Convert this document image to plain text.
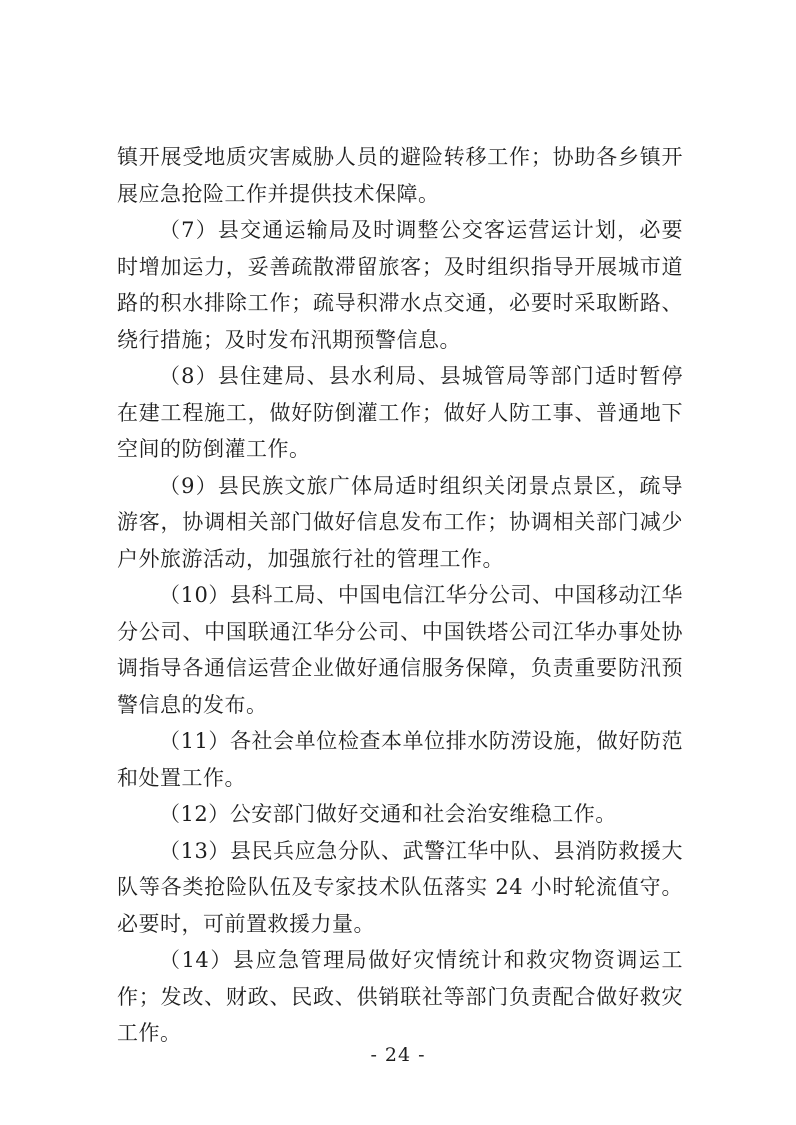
镇开展受地质灾害威胁人员的避险转移工作；协助各乡镇开展应急抢险工作并提供技术保障。

（7）县交通运输局及时调整公交客运营运计划，必要时增加运力，妥善疏散滞留旅客；及时组织指导开展城市道路的积水排除工作；疏导积滞水点交通，必要时采取断路、绕行措施；及时发布汛期预警信息。

（8）县住建局、县水利局、县城管局等部门适时暂停在建工程施工，做好防倒灌工作；做好人防工事、普通地下空间的防倒灌工作。

（9）县民族文旅广体局适时组织关闭景点景区，疏导游客，协调相关部门做好信息发布工作；协调相关部门减少户外旅游活动，加强旅行社的管理工作。

（10）县科工局、中国电信江华分公司、中国移动江华分公司、中国联通江华分公司、中国铁塔公司江华办事处协调指导各通信运营企业做好通信服务保障，负责重要防汛预警信息的发布。

（11）各社会单位检查本单位排水防涝设施，做好防范和处置工作。

（12）公安部门做好交通和社会治安维稳工作。

（13）县民兵应急分队、武警江华中队、县消防救援大队等各类抢险队伍及专家技术队伍落实 24 小时轮流值守。必要时，可前置救援力量。

（14）县应急管理局做好灾情统计和救灾物资调运工作；发改、财政、民政、供销联社等部门负责配合做好救灾工作。

- 24 -
